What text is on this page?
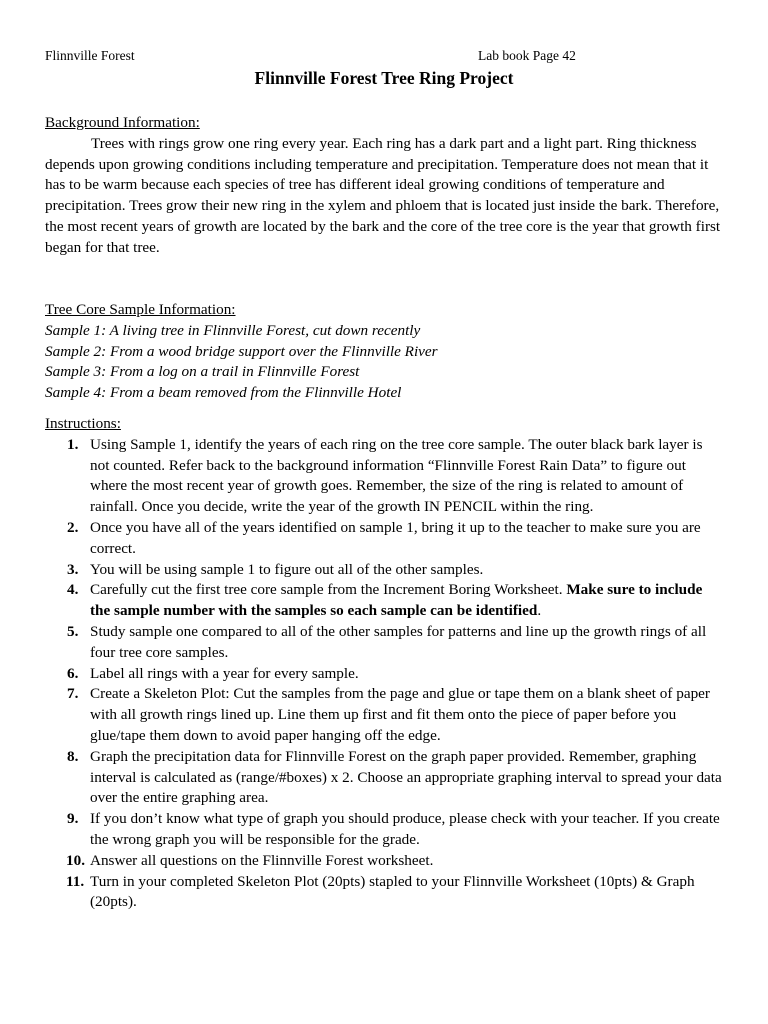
Flinnville Forest	Lab book Page 42
Flinnville Forest Tree Ring Project
Background Information:
Trees with rings grow one ring every year. Each ring has a dark part and a light part. Ring thickness depends upon growing conditions including temperature and precipitation. Temperature does not mean that it has to be warm because each species of tree has different ideal growing conditions of temperature and precipitation. Trees grow their new ring in the xylem and phloem that is located just inside the bark. Therefore, the most recent years of growth are located by the bark and the core of the tree core is the year that growth first began for that tree.
Tree Core Sample Information:
Sample 1: A living tree in Flinnville Forest, cut down recently
Sample 2: From a wood bridge support over the Flinnville River
Sample 3: From a log on a trail in Flinnville Forest
Sample 4: From a beam removed from the Flinnville Hotel
Instructions:
1. Using Sample 1, identify the years of each ring on the tree core sample. The outer black bark layer is not counted. Refer back to the background information “Flinnville Forest Rain Data” to figure out where the most recent year of growth goes. Remember, the size of the ring is related to amount of rainfall. Once you decide, write the year of the growth IN PENCIL within the ring.
2. Once you have all of the years identified on sample 1, bring it up to the teacher to make sure you are correct.
3. You will be using sample 1 to figure out all of the other samples.
4. Carefully cut the first tree core sample from the Increment Boring Worksheet. Make sure to include the sample number with the samples so each sample can be identified.
5. Study sample one compared to all of the other samples for patterns and line up the growth rings of all four tree core samples.
6. Label all rings with a year for every sample.
7. Create a Skeleton Plot: Cut the samples from the page and glue or tape them on a blank sheet of paper with all growth rings lined up. Line them up first and fit them onto the piece of paper before you glue/tape them down to avoid paper hanging off the edge.
8. Graph the precipitation data for Flinnville Forest on the graph paper provided. Remember, graphing interval is calculated as (range/#boxes) x 2. Choose an appropriate graphing interval to spread your data over the entire graphing area.
9. If you don’t know what type of graph you should produce, please check with your teacher. If you create the wrong graph you will be responsible for the grade.
10. Answer all questions on the Flinnville Forest worksheet.
11. Turn in your completed Skeleton Plot (20pts) stapled to your Flinnville Worksheet (10pts) & Graph (20pts).
